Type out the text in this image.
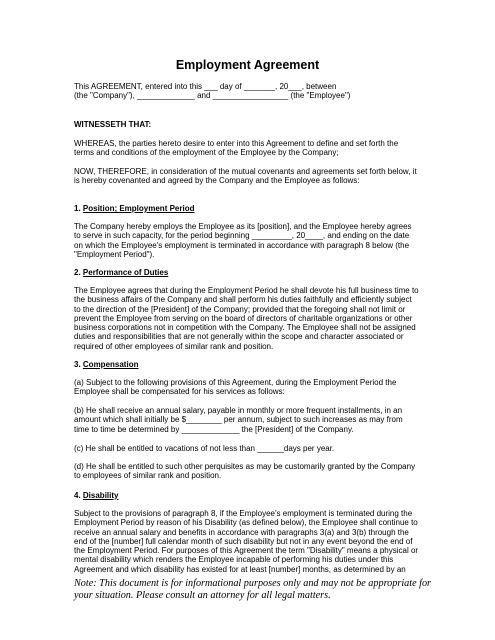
Employment Agreement
This AGREEMENT, entered into this ___ day of _______, 20___, between
(the "Company"), _____________ and _________________ (the "Employee")
WITNESSETH THAT:
WHEREAS, the parties hereto desire to enter into this Agreement to define and set forth the
terms and conditions of the employment of the Employee by the Company;
NOW, THEREFORE, in consideration of the mutual covenants and agreements set forth below, it
is hereby covenanted and agreed by the Company and the Employee as follows:
1. Position; Employment Period
The Company hereby employs the Employee as its [position], and the Employee hereby agrees
to serve in such capacity, for the period beginning _________, 20____, and ending on the date
on which the Employee's employment is terminated in accordance with paragraph 8 below (the
"Employment Period").
2. Performance of Duties
The Employee agrees that during the Employment Period he shall devote his full business time to
the business affairs of the Company and shall perform his duties faithfully and efficiently subject
to the direction of the [President] of the Company; provided that the foregoing shall not limit or
prevent the Employee from serving on the board of directors of charitable organizations or other
business corporations not in competition with the Company. The Employee shall not be assigned
duties and responsibilities that are not generally within the scope and character associated or
required of other employees of similar rank and position.
3. Compensation
(a) Subject to the following provisions of this Agreement, during the Employment Period the
Employee shall be compensated for his services as follows:
(b) He shall receive an annual salary, payable in monthly or more frequent installments, in an
amount which shall initially be $________ per annum, subject to such increases as may from
time to time be determined by _____________ the [President] of the Company.
(c) He shall be entitled to vacations of not less than ______days per year.
(d) He shall be entitled to such other perquisites as may be customarily granted by the Company
to employees of similar rank and position.
4. Disability
Subject to the provisions of paragraph 8, if the Employee's employment is terminated during the
Employment Period by reason of his Disability (as defined below), the Employee shall continue to
receive an annual salary and benefits in accordance with paragraphs 3(a) and 3(b) through the
end of the [number] full calendar month of such disability but not in any event beyond the end of
the Employment Period. For purposes of this Agreement the term "Disability" means a physical or
mental disability which renders the Employee incapable of performing his duties under this
Agreement and which disability has existed for at least [number] months, as determined by an
Note: This document is for informational purposes only and may not be appropriate for
your situation. Please consult an attorney for all legal matters.
